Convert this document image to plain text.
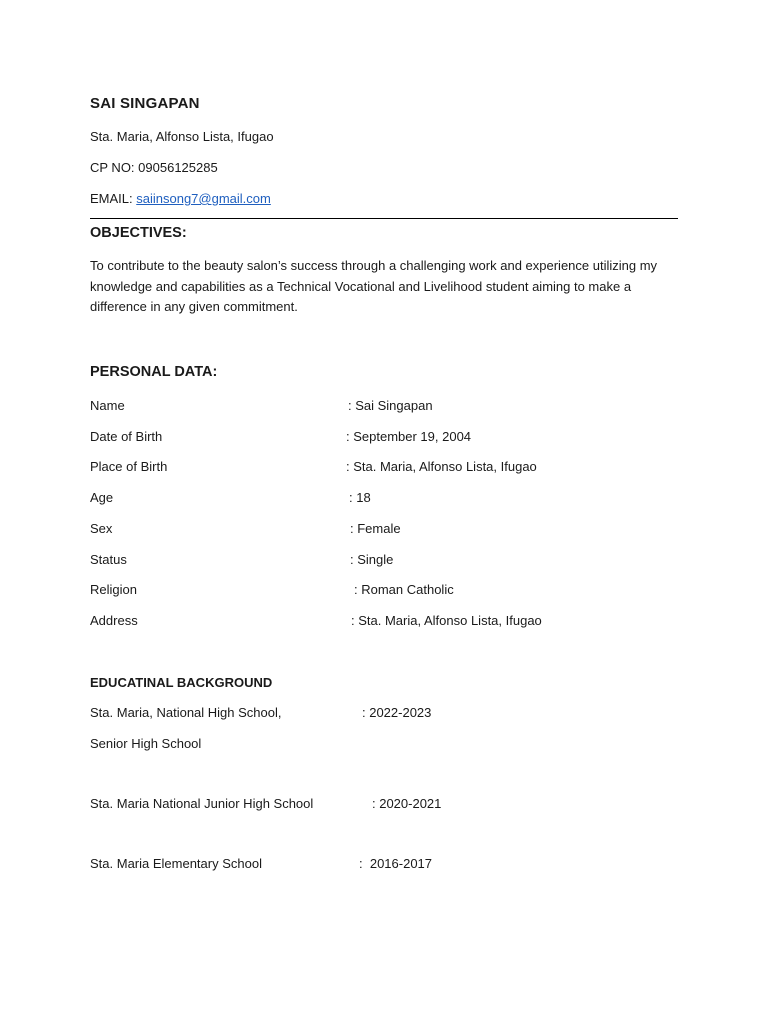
SAI SINGAPAN
Sta. Maria, Alfonso Lista, Ifugao
CP NO: 09056125285
EMAIL: saiinsong7@gmail.com
OBJECTIVES:
To contribute to the beauty salon’s success through a challenging work and experience utilizing my knowledge and capabilities as a Technical Vocational and Livelihood student aiming to make a difference in any given commitment.
PERSONAL DATA:
Name	: Sai Singapan
Date of Birth	: September 19, 2004
Place of Birth	: Sta. Maria, Alfonso Lista, Ifugao
Age	: 18
Sex	: Female
Status	: Single
Religion	: Roman Catholic
Address	: Sta. Maria, Alfonso Lista, Ifugao
EDUCATINAL BACKGROUND
Sta. Maria, National High School,	: 2022-2023
Senior High School
Sta. Maria National Junior High School	: 2020-2021
Sta. Maria Elementary School	:  2016-2017
